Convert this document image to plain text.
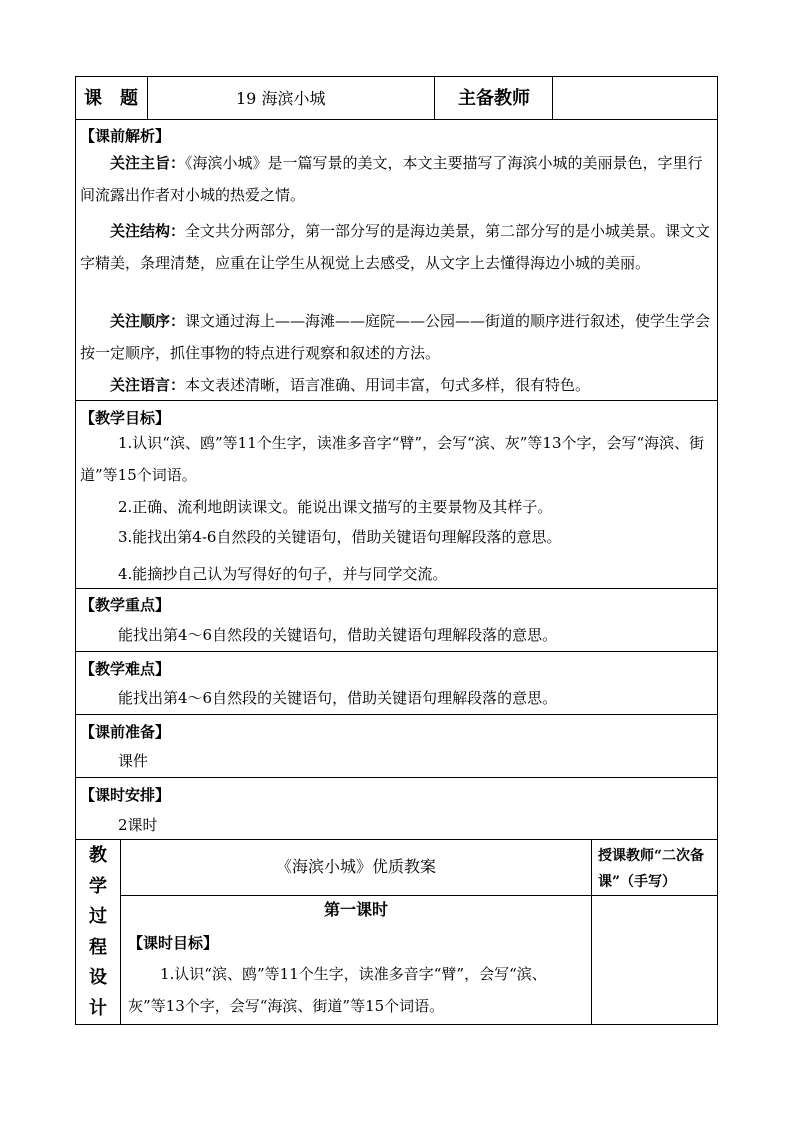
课　题	19 海滨小城	主备教师
【课前解析】
关注主旨：《海滨小城》是一篇写景的美文，本文主要描写了海滨小城的美丽景色，字里行间流露出作者对小城的热爱之情。
关注结构：全文共分两部分，第一部分写的是海边美景，第二部分写的是小城美景。课文文字精美，条理清楚，应重在让学生从视觉上去感受，从文字上去懂得海边小城的美丽。
关注顺序：课文通过海上——海滩——庭院——公园——街道的顺序进行叙述，使学生学会按一定顺序，抓住事物的特点进行观察和叙述的方法。
关注语言：本文表述清晰，语言准确、用词丰富，句式多样，很有特色。
【教学目标】
1.认识“滨、鸥”等11个生字，读准多音字“臂”，会写“滨、灰”等13个字，会写“海滨、街道”等15个词语。
2.正确、流利地朗读课文。能说出课文描写的主要景物及其样子。
3.能找出第4-6自然段的关键语句，借助关键语句理解段落的意思。
4.能摘抄自己认为写得好的句子，并与同学交流。
【教学重点】
能找出第4～6自然段的关键语句，借助关键语句理解段落的意思。
【教学难点】
能找出第4～6自然段的关键语句，借助关键语句理解段落的意思。
【课前准备】
课件
【课时安排】
2课时
教
学
过
程
设
计
《海滨小城》优质教案
授课教师“二次备课”（手写）
第一课时
【课时目标】
1.认识“滨、鸥”等11个生字，读准多音字“臂”，会写“滨、灰”等13个字，会写“海滨、街道”等15个词语。
